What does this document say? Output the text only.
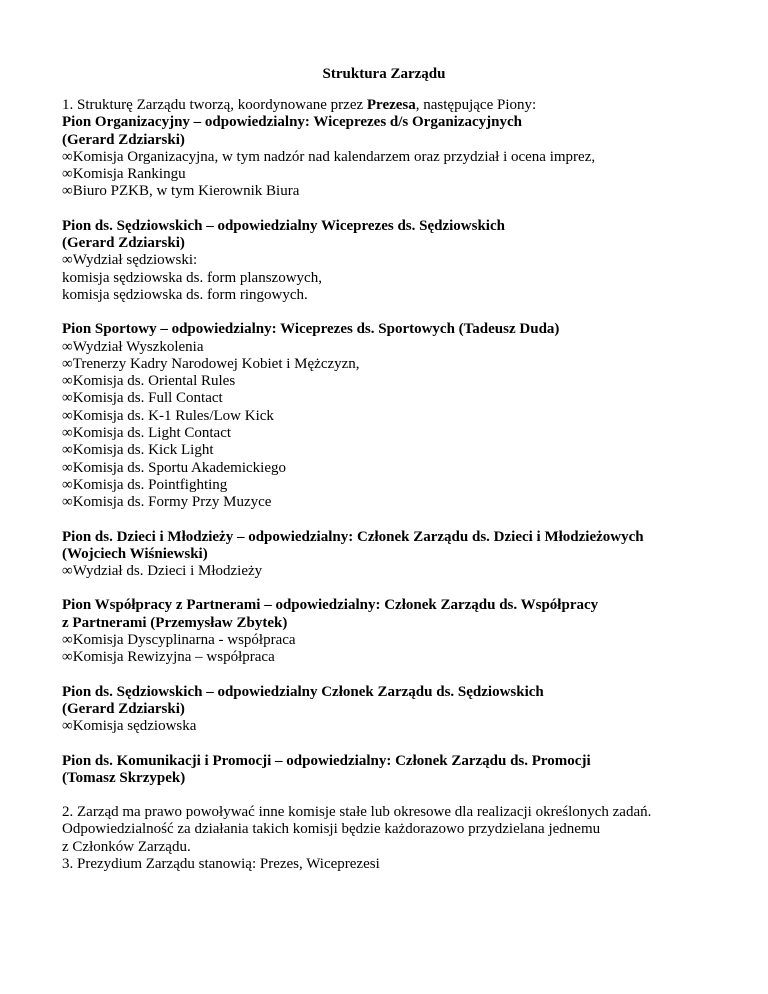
Struktura Zarządu

1. Strukturę Zarządu tworzą, koordynowane przez Prezesa, następujące Piony:

Pion Organizacyjny – odpowiedzialny: Wiceprezes d/s Organizacyjnych
(Gerard Zdziarski)
∞Komisja Organizacyjna, w tym nadzór nad kalendarzem oraz przydział i ocena imprez,
∞Komisja Rankingu
∞Biuro PZKB, w tym Kierownik Biura
Pion ds. Sędziowskich – odpowiedzialny Wiceprezes ds. Sędziowskich
(Gerard Zdziarski)
∞Wydział sędziowski:
komisja sędziowska ds. form planszowych,
komisja sędziowska ds. form ringowych.
Pion Sportowy – odpowiedzialny: Wiceprezes ds. Sportowych (Tadeusz Duda)
∞Wydział Wyszkolenia
∞Trenerzy Kadry Narodowej Kobiet i Mężczyzn,
∞Komisja ds. Oriental Rules
∞Komisja ds. Full Contact
∞Komisja ds. K-1 Rules/Low Kick
∞Komisja ds. Light Contact
∞Komisja ds. Kick Light
∞Komisja ds. Sportu Akademickiego
∞Komisja ds. Pointfighting
∞Komisja ds. Formy Przy Muzyce
Pion ds. Dzieci i Młodzieży – odpowiedzialny: Członek Zarządu ds. Dzieci i Młodzieżowych
(Wojciech Wiśniewski)
∞Wydział ds. Dzieci i Młodzieży
Pion Współpracy z Partnerami – odpowiedzialny: Członek Zarządu ds. Współpracy
z Partnerami (Przemysław Zbytek)
∞Komisja Dyscyplinarna - współpraca
∞Komisja Rewizyjna – współpraca
Pion ds. Sędziowskich – odpowiedzialny Członek Zarządu ds. Sędziowskich
(Gerard Zdziarski)
∞Komisja sędziowska
Pion ds. Komunikacji i Promocji – odpowiedzialny: Członek Zarządu ds. Promocji
(Tomasz Skrzypek)
2. Zarząd ma prawo powoływać inne komisje stałe lub okresowe dla realizacji określonych zadań.
Odpowiedzialność za działania takich komisji będzie każdorazowo przydzielana jednemu
z Członków Zarządu.
3. Prezydium Zarządu stanowią: Prezes, Wiceprezesi
